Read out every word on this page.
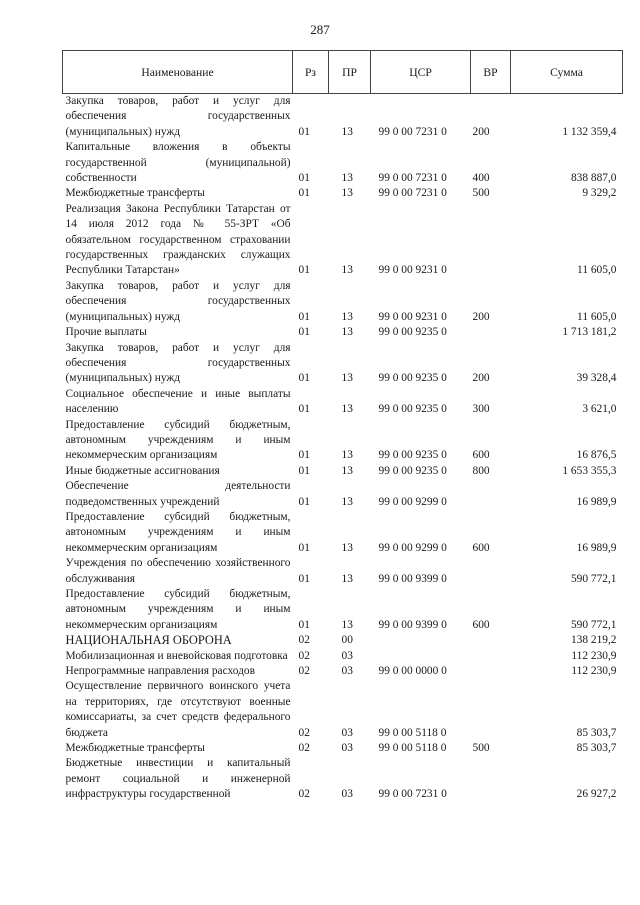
287
Наименование	Рз	ПР	ЦСР	ВР	Сумма
Закупка товаров, работ и услуг для обеспечения государственных (муниципальных) нужд	01	13	99 0 00 7231 0	200	1 132 359,4
Капитальные вложения в объекты государственной (муниципальной) собственности	01	13	99 0 00 7231 0	400	838 887,0
Межбюджетные трансферты	01	13	99 0 00 7231 0	500	9 329,2
Реализация Закона Республики Татарстан от 14 июля 2012 года № 55-ЗРТ «Об обязательном государственном страховании государственных гражданских служащих Республики Татарстан»	01	13	99 0 00 9231 0		11 605,0
Закупка товаров, работ и услуг для обеспечения государственных (муниципальных) нужд	01	13	99 0 00 9231 0	200	11 605,0
Прочие выплаты	01	13	99 0 00 9235 0		1 713 181,2
Закупка товаров, работ и услуг для обеспечения государственных (муниципальных) нужд	01	13	99 0 00 9235 0	200	39 328,4
Социальное обеспечение и иные выплаты населению	01	13	99 0 00 9235 0	300	3 621,0
Предоставление субсидий бюджетным, автономным учреждениям и иным некоммерческим организациям	01	13	99 0 00 9235 0	600	16 876,5
Иные бюджетные ассигнования	01	13	99 0 00 9235 0	800	1 653 355,3
Обеспечение деятельности подведомственных учреждений	01	13	99 0 00 9299 0		16 989,9
Предоставление субсидий бюджетным, автономным учреждениям и иным некоммерческим организациям	01	13	99 0 00 9299 0	600	16 989,9
Учреждения по обеспечению хозяйственного обслуживания	01	13	99 0 00 9399 0		590 772,1
Предоставление субсидий бюджетным, автономным учреждениям и иным некоммерческим организациям	01	13	99 0 00 9399 0	600	590 772,1
НАЦИОНАЛЬНАЯ ОБОРОНА	02	00			138 219,2
Мобилизационная и вневойсковая подготовка	02	03			112 230,9
Непрограммные направления расходов	02	03	99 0 00 0000 0		112 230,9
Осуществление первичного воинского учета на территориях, где отсутствуют военные комиссариаты, за счет средств федерального бюджета	02	03	99 0 00 5118 0		85 303,7
Межбюджетные трансферты	02	03	99 0 00 5118 0	500	85 303,7
Бюджетные инвестиции и капитальный ремонт социальной и инженерной инфраструктуры государственной	02	03	99 0 00 7231 0		26 927,2
